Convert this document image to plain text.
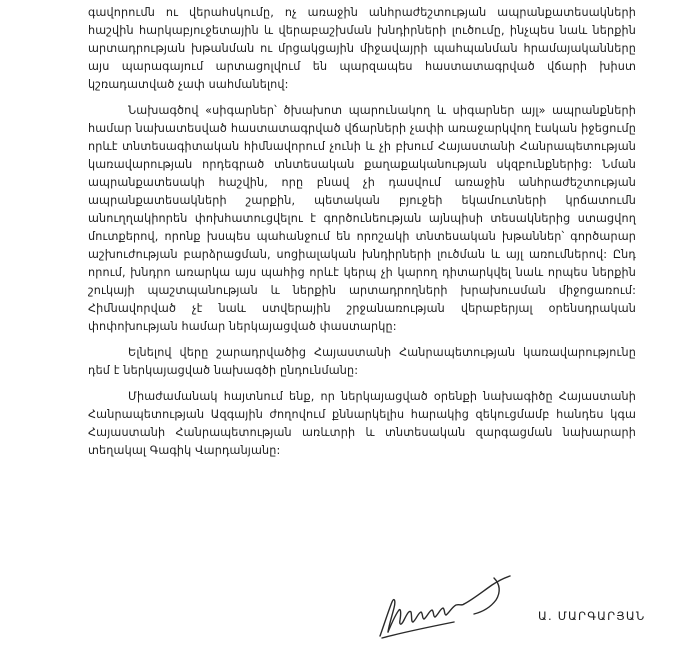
գավորումն ու վերահսկումը, ոչ առաջին անհրաժեշտության ապրանքատեսակների հաշվին հարկաբյուջետային և վերաբաշխման խնդիրների լուծումը, ինչպես նաև ներքին արտադրության խթանման ու մրցակցային միջավայրի պահպանման հրամայականները այս պարագայում արտացոլվում են պարզապես հաստատագրված վճարի խիստ կշռադատված չափ սահմանելով:

Նախագծով «սիգարներ՝ ծխախոտ պարունակող և սիգարներ այլ» ապրանքների համար նախատեսված հաստատագրված վճարների չափի առաջարկվող էական իջեցումը որևէ տնտեսագիտական հիմնավորում չունի և չի բխում Հայաստանի Հանրապետության կառավարության որդեգրած տնտեսական քաղաքականության սկզբունքներից: Նման ապրանքատեսակի հաշվին, որը բնավ չի դասվում առաջին անհրաժեշտության ապրանքատեսակների շարքին, պետական բյուջեի եկամուտների կրճատումն անուղղակիորեն փոխհատուցվելու է գործունեության այնպիսի տեսակներից ստացվող մուտքերով, որոնք խսպես պահանջում են որոշակի տնտեսական խթաններ՝ գործարար աշխուժության բարձրացման, սոցիալական խնդիրների լուծման և այլ առումներով: Ընդ որում, խնդրո առարկա այս պահից որևէ կերպ չի կարող դիտարկվել նաև որպես ներքին շուկայի պաշտպանության և ներքին արտադրողների խրախուսման միջոցառում: Հիմնավորված չէ նաև ստվերային շրջանառության վերաբերյալ օրենսդրական փոփոխության համար ներկայացված փաստարկը:

Ելնելով վերը շարադրվածից Հայաստանի Հանրապետության կառավարությունը դեմ է ներկայացված նախագծի ընդունմանը:

Միաժամանակ հայտնում ենք, որ ներկայացված օրենքի նախագիծը Հայաստանի Հանրապետության Ազգային ժողովում քննարկելիս հարակից զեկուցմամբ հանդես կգա Հայաստանի Հանրապետության առևտրի և տնտեսական զարգացման նախարարի տեղակալ Գագիկ Վարդանյանը:

Ա. ՄԱՐԳԱՐՅԱՆ
